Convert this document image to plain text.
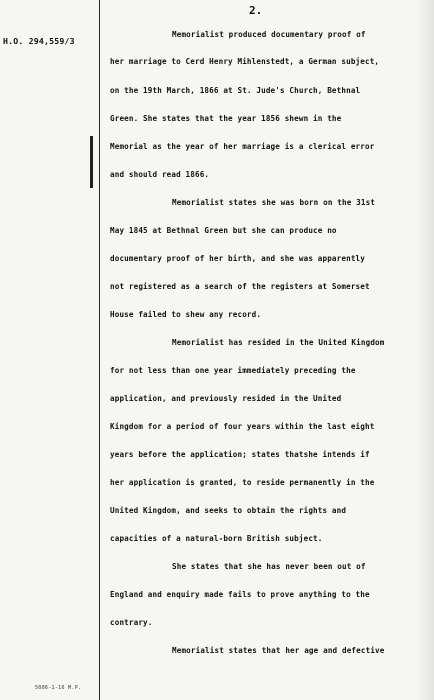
2.
H.O. 294,559/3
Memorialist produced documentary proof of
her marriage to Cerd Henry Mihlenstedt, a German subject,
on the 19th March, 1866 at St. Jude's Church, Bethnal
Green. She states that the year 1856 shewn in the
Memorial as the year of her marriage is a clerical error
and should read 1866.
Memorialist states she was born on the 31st
May 1845 at Bethnal Green but she can produce no
documentary proof of her birth, and she was apparently
not registered as a search of the registers at Somerset
House failed to shew any record.
Memorialist has resided in the United Kingdom
for not less than one year immediately preceding the
application, and previously resided in the United
Kingdom for a period of four years within the last eight
years before the application; states thatshe intends if
her application is granted, to reside permanently in the
United Kingdom, and seeks to obtain the rights and
capacities of a natural-born British subject.
She states that she has never been out of
England and enquiry made fails to prove anything to the
contrary.
Memorialist states that her age and defective
5006-1-16 M.P.
